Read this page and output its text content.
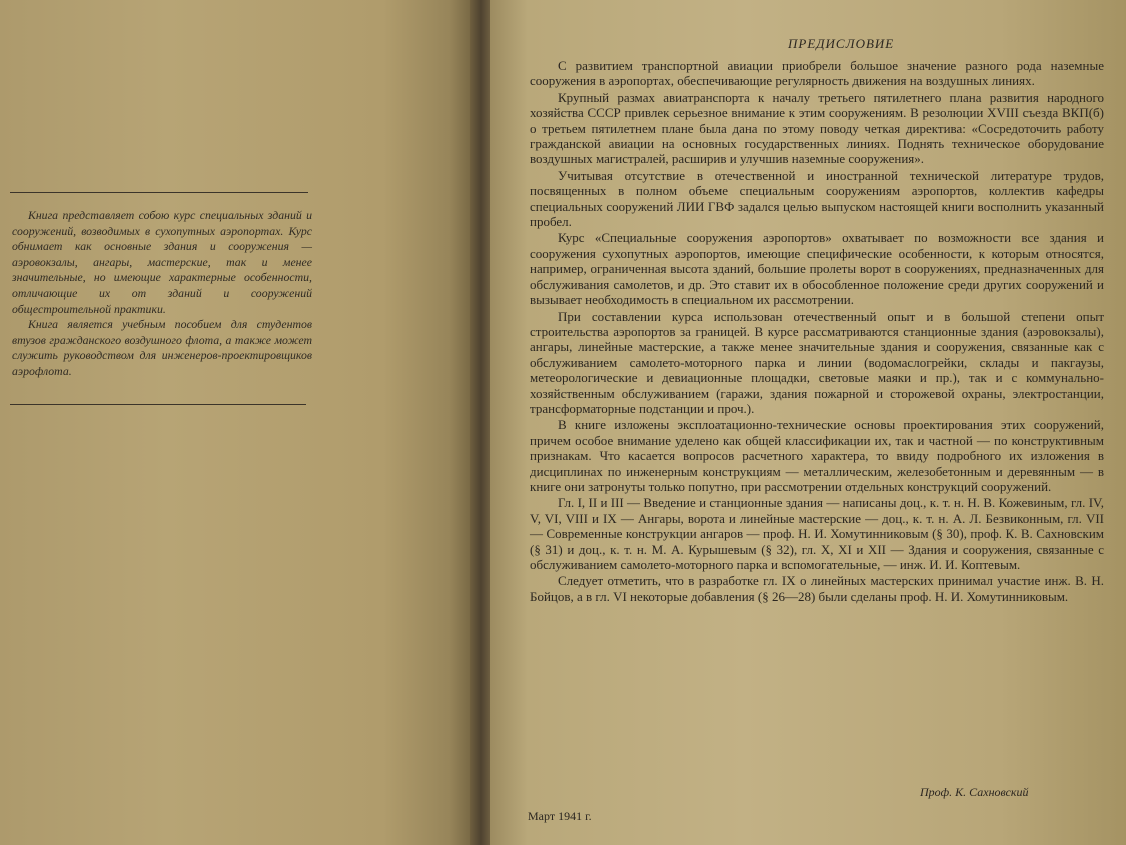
Книга представляет собою курс специальных зданий и сооружений, возводимых в сухопутных аэропортах. Курс обнимает как основные здания и сооружения — аэровокзалы, ангары, мастерские, так и менее значительные, но имеющие характерные особенности, отличающие их от зданий и сооружений общестроительной практики.

Книга является учебным пособием для студентов втузов гражданского воздушного флота, а также может служить руководством для инженеров-проектировщиков аэрофлота.

ПРЕДИСЛОВИЕ

С развитием транспортной авиации приобрели большое значение разного рода наземные сооружения в аэропортах, обеспечивающие регулярность движения на воздушных линиях.

Крупный размах авиатранспорта к началу третьего пятилетнего плана развития народного хозяйства СССР привлек серьезное внимание к этим сооружениям. В резолюции XVIII съезда ВКП(б) о третьем пятилетнем плане была дана по этому поводу четкая директива: «Сосредоточить работу гражданской авиации на основных государственных линиях. Поднять техническое оборудование воздушных магистралей, расширив и улучшив наземные сооружения».

Учитывая отсутствие в отечественной и иностранной технической литературе трудов, посвященных в полном объеме специальным сооружениям аэропортов, коллектив кафедры специальных сооружений ЛИИ ГВФ задался целью выпуском настоящей книги восполнить указанный пробел.

Курс «Специальные сооружения аэропортов» охватывает по возможности все здания и сооружения сухопутных аэропортов, имеющие специфические особенности, к которым относятся, например, ограниченная высота зданий, большие пролеты ворот в сооружениях, предназначенных для обслуживания самолетов, и др. Это ставит их в обособленное положение среди других сооружений и вызывает необходимость в специальном их рассмотрении.

При составлении курса использован отечественный опыт и в большой степени опыт строительства аэропортов за границей. В курсе рассматриваются станционные здания (аэровокзалы), ангары, линейные мастерские, а также менее значительные здания и сооружения, связанные как с обслуживанием самолето-моторного парка и линии (водомаслогрейки, склады и пакгаузы, метеорологические и девиационные площадки, световые маяки и пр.), так и с коммунально-хозяйственным обслуживанием (гаражи, здания пожарной и сторожевой охраны, электростанции, трансформаторные подстанции и проч.).

В книге изложены эксплоатационно-технические основы проектирования этих сооружений, причем особое внимание уделено как общей классификации их, так и частной — по конструктивным признакам. Что касается вопросов расчетного характера, то ввиду подробного их изложения в дисциплинах по инженерным конструкциям — металлическим, железобетонным и деревянным — в книге они затронуты только попутно, при рассмотрении отдельных конструкций сооружений.

Гл. I, II и III — Введение и станционные здания — написаны доц., к. т. н. Н. В. Кожевиным, гл. IV, V, VI, VIII и IX — Ангары, ворота и линейные мастерские — доц., к. т. н. А. Л. Безвиконным, гл. VII — Современные конструкции ангаров — проф. Н. И. Хомутинниковым (§ 30), проф. К. В. Сахновским (§ 31) и доц., к. т. н. М. А. Курышевым (§ 32), гл. X, XI и XII — Здания и сооружения, связанные с обслуживанием самолето-моторного парка и вспомогательные, — инж. И. И. Коптевым.

Следует отметить, что в разработке гл. IX о линейных мастерских принимал участие инж. В. Н. Бойцов, а в гл. VI некоторые добавления (§ 26—28) были сделаны проф. Н. И. Хомутинниковым.

Проф. К. Сахновский
Март 1941 г.
